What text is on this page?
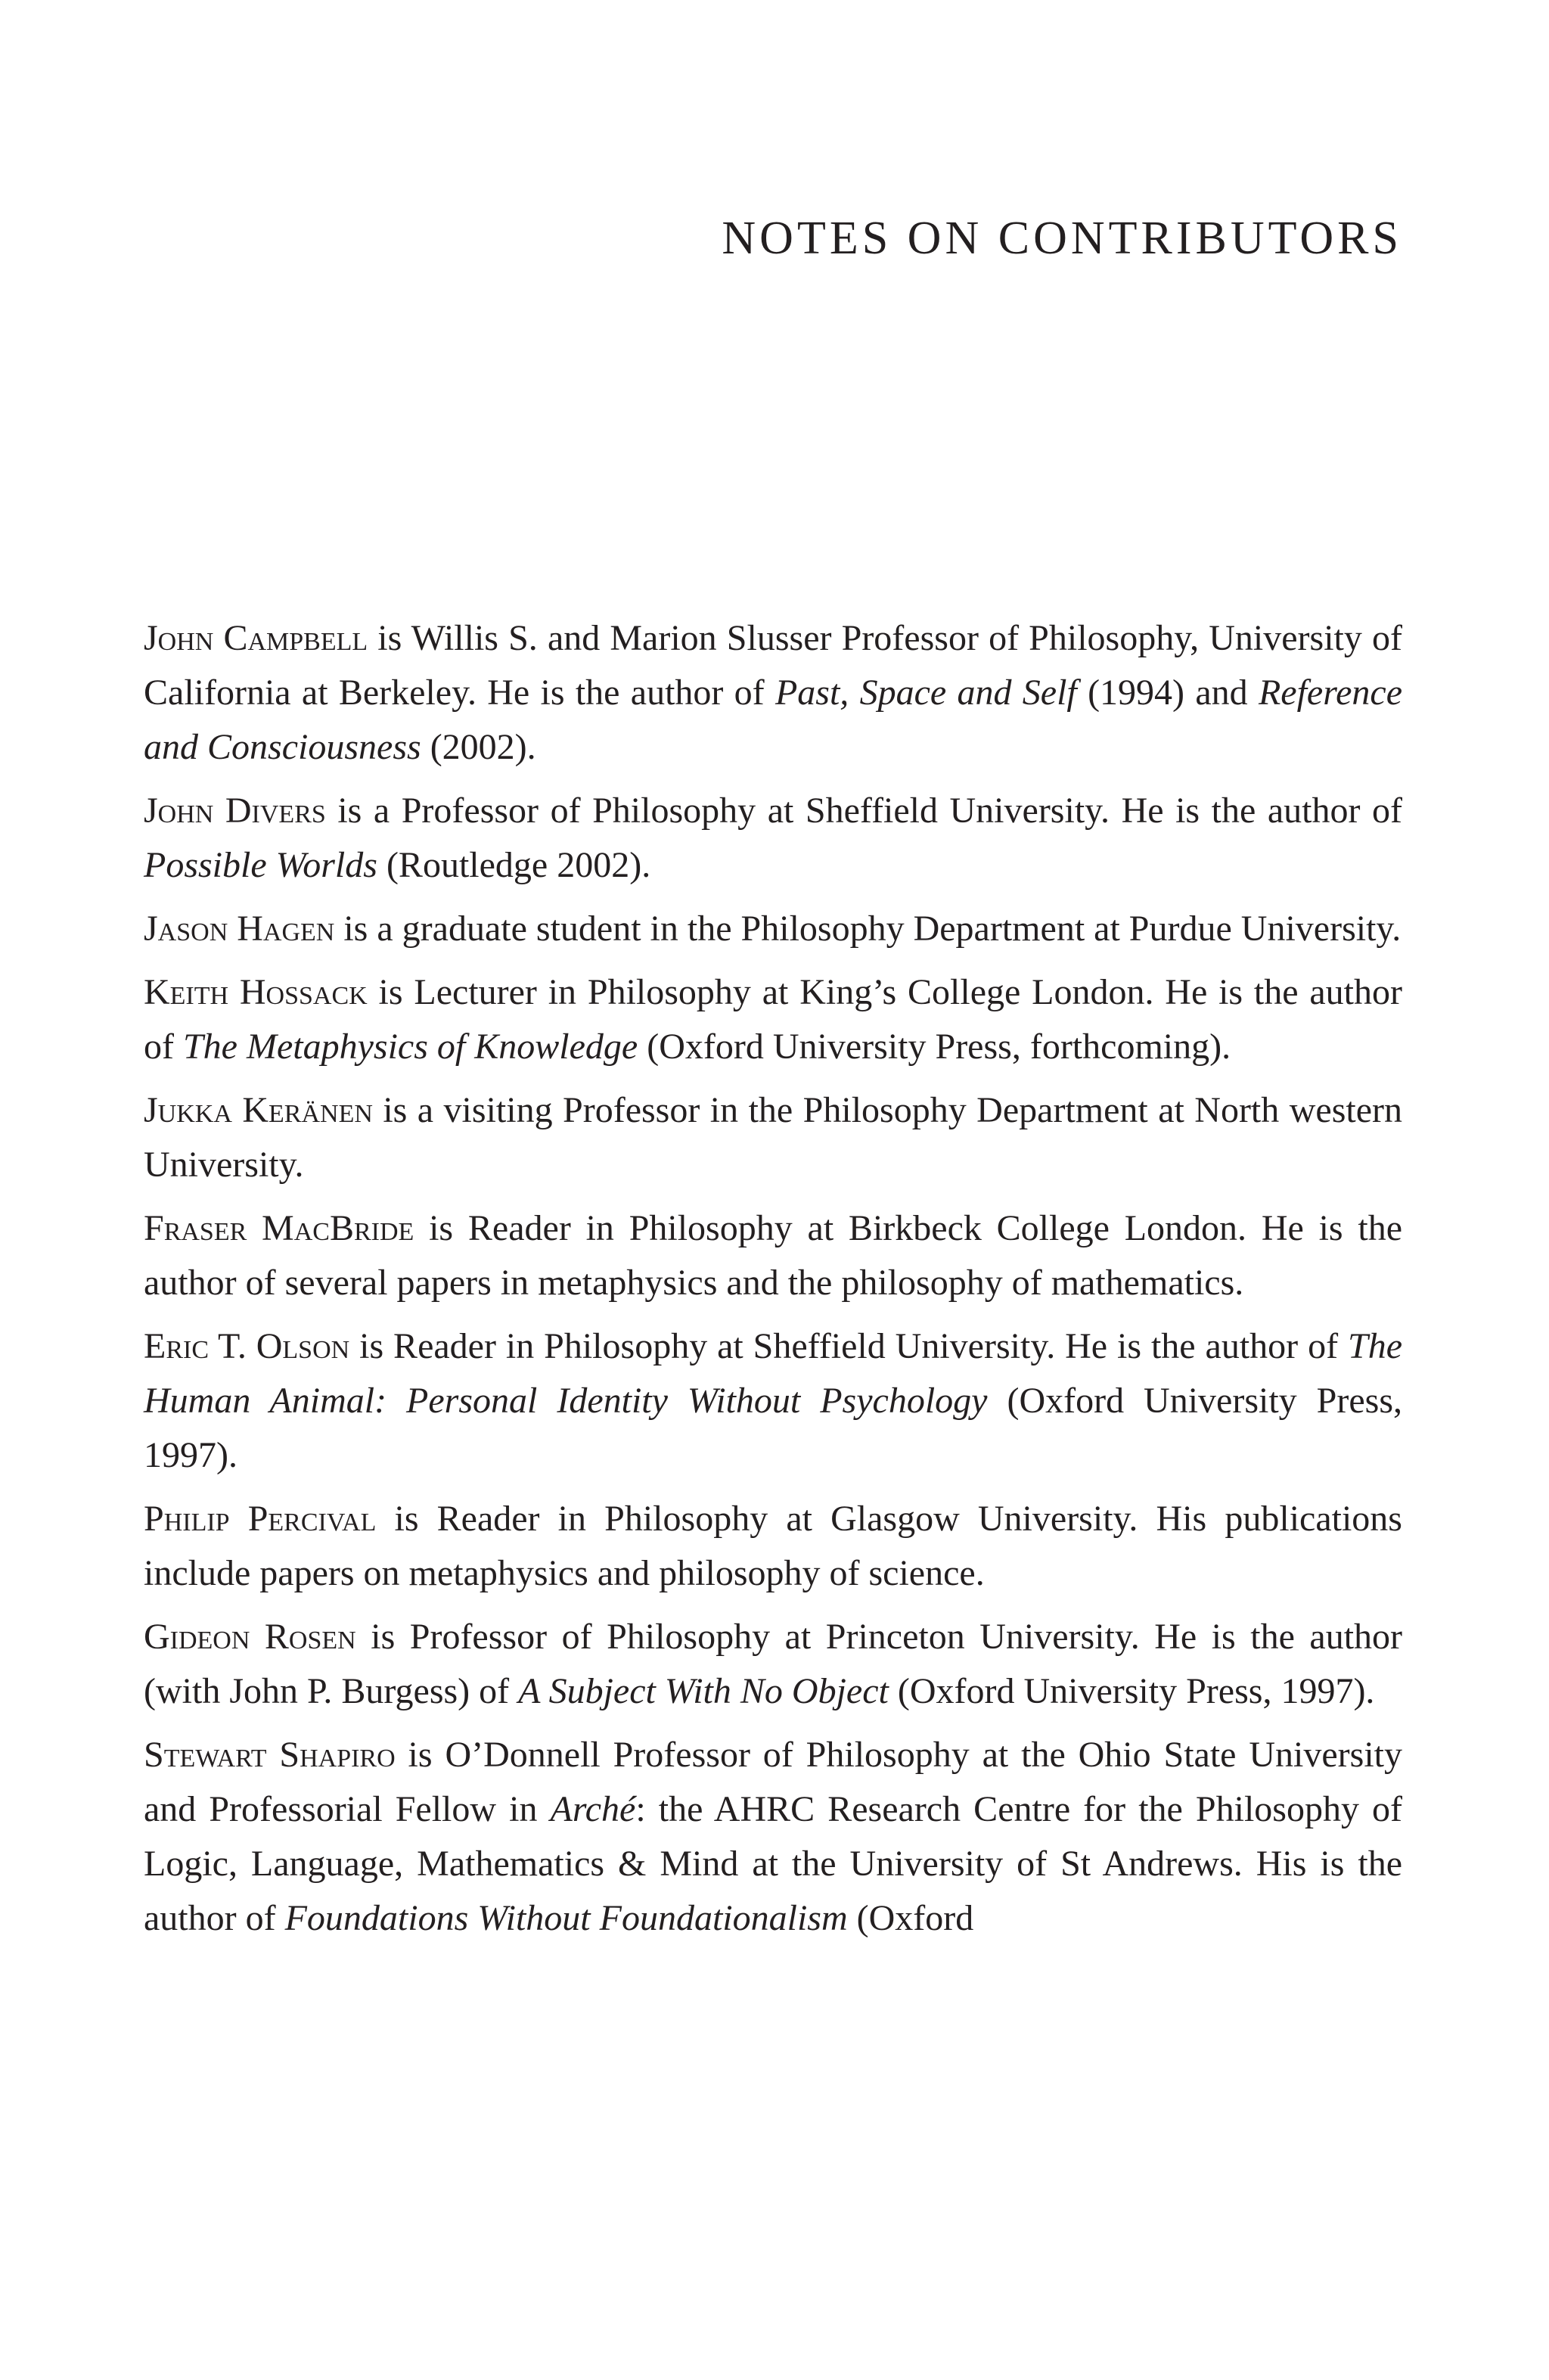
NOTES ON CONTRIBUTORS

John Campbell is Willis S. and Marion Slusser Professor of Philosophy, University of California at Berkeley. He is the author of Past, Space and Self (1994) and Reference and Consciousness (2002).

John Divers is a Professor of Philosophy at Sheffield University. He is the author of Possible Worlds (Routledge 2002).

Jason Hagen is a graduate student in the Philosophy Department at Purdue University.

Keith Hossack is Lecturer in Philosophy at King’s College London. He is the author of The Metaphysics of Knowledge (Oxford University Press, forthcoming).

Jukka Keränen is a visiting Professor in the Philosophy Department at North western University.

Fraser MacBride is Reader in Philosophy at Birkbeck College London. He is the author of several papers in metaphysics and the philosophy of mathematics.

Eric T. Olson is Reader in Philosophy at Sheffield University. He is the author of The Human Animal: Personal Identity Without Psychology (Oxford University Press, 1997).

Philip Percival is Reader in Philosophy at Glasgow University. His publications include papers on metaphysics and philosophy of science.

Gideon Rosen is Professor of Philosophy at Princeton University. He is the author (with John P. Burgess) of A Subject With No Object (Oxford University Press, 1997).

Stewart Shapiro is O’Donnell Professor of Philosophy at the Ohio State University and Professorial Fellow in Arché: the AHRC Research Centre for the Philosophy of Logic, Language, Mathematics & Mind at the University of St Andrews. His is the author of Foundations Without Foundationalism (Oxford
